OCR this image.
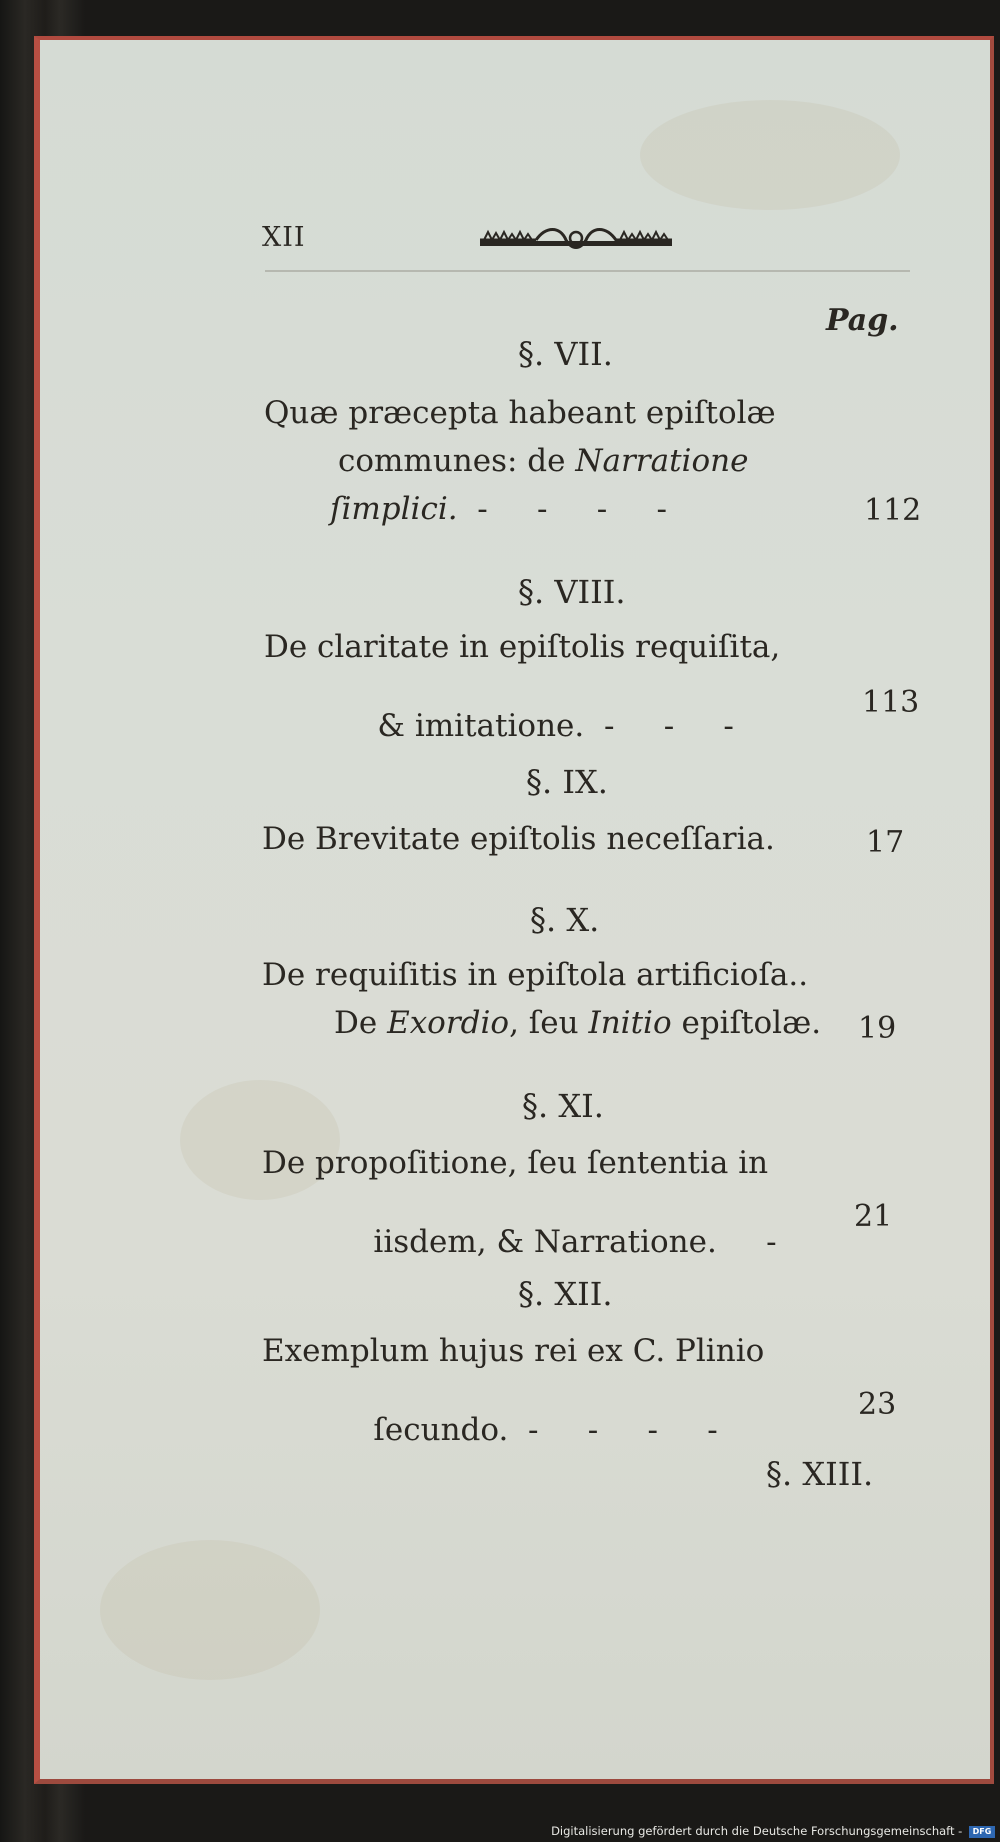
XII
Pag.
§. VII.
Quæ præcepta habeant epiſtolæ
communes: de Narratione
ſimplici.  -     -     -     -	112
§. VIII.
De claritate in epiſtolis requiſita,

& imitatione.  -     -     -

113
§. IX.
De Brevitate epiſtolis neceſſaria.	17
§. X.
De requiſitis in epiſtola artificioſa..
De Exordio, ſeu Initio epiſtolæ. 19
§. XI.
De propoſitione, ſeu ſententia in

iisdem, & Narratione.     -

21
§. XII.
Exemplum hujus rei ex C. Plinio

ſecundo.  -     -     -     -

23
§. XIII.
Digitalisierung gefördert durch die Deutsche Forschungsgemeinschaft - DFG
